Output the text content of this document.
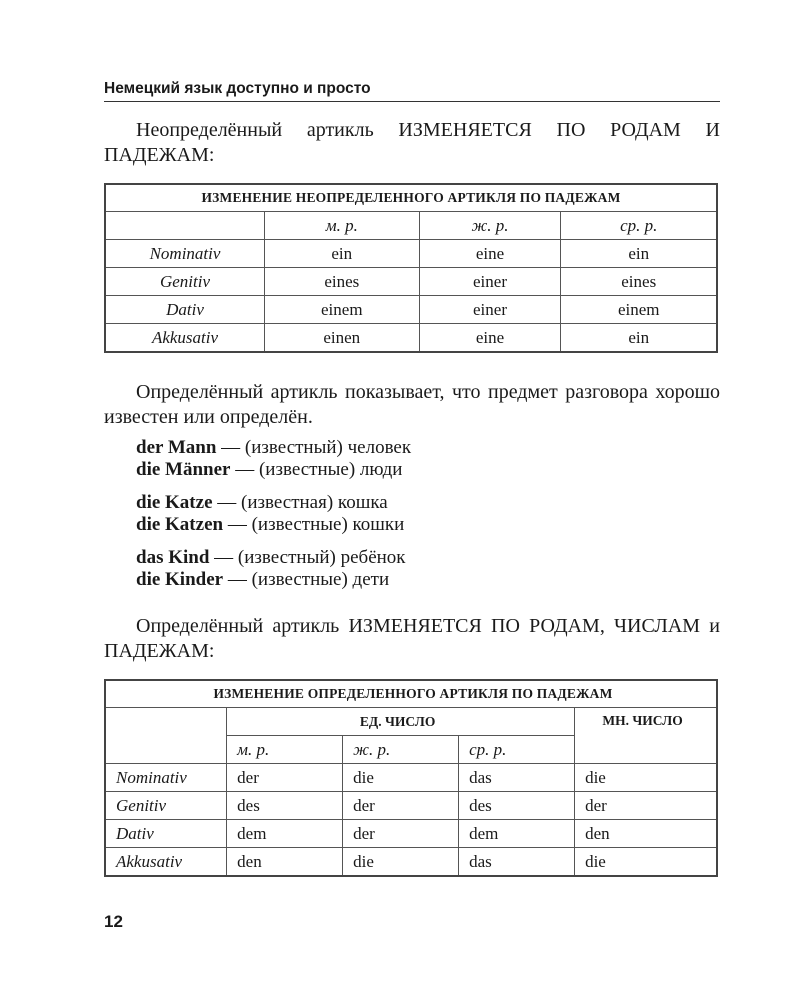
Немецкий язык доступно и просто

Неопределённый артикль ИЗМЕНЯЕТСЯ ПО РОДАМ И ПАДЕЖАМ:

ИЗМЕНЕНИЕ НЕОПРЕДЕЛЕННОГО АРТИКЛЯ ПО ПАДЕЖАМ			
	м. р.	ж. р.	ср. р.
Nominativ	ein	eine	ein
Genitiv	eines	einer	eines
Dativ	einem	einer	einem
Akkusativ	einen	eine	ein

Определённый артикль показывает, что предмет разговора хорошо известен или определён.

der Mann — (известный) человек
die Männer — (известные) люди
die Katze — (известная) кошка
die Katzen — (известные) кошки
das Kind — (известный) ребёнок
die Kinder — (известные) дети

Определённый артикль ИЗМЕНЯЕТСЯ ПО РОДАМ, ЧИСЛАМ и ПАДЕЖАМ:

ИЗМЕНЕНИЕ ОПРЕДЕЛЕННОГО АРТИКЛЯ ПО ПАДЕЖАМ				
	ЕД. ЧИСЛО			МН. ЧИСЛО
	м. р.	ж. р.	ср. р.	
Nominativ	der	die	das	die
Genitiv	des	der	des	der
Dativ	dem	der	dem	den
Akkusativ	den	die	das	die
12
